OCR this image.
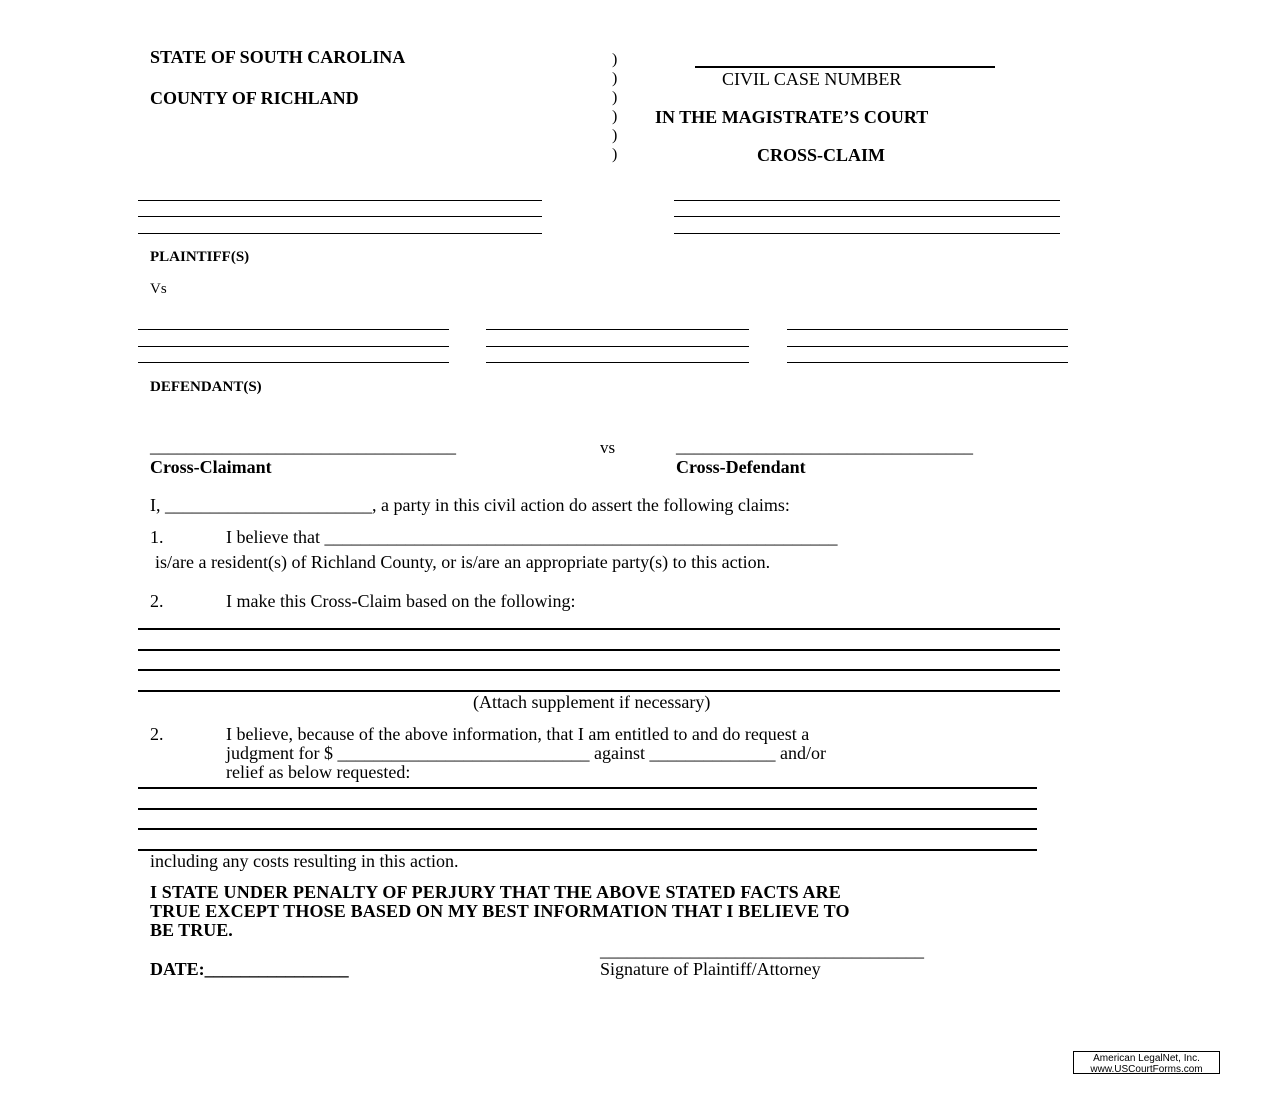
STATE OF SOUTH CAROLINA
COUNTY OF RICHLAND
)
)
)
)
)
)
CIVIL CASE NUMBER
IN THE MAGISTRATE’S COURT
CROSS-CLAIM
PLAINTIFF(S)
Vs
DEFENDANT(S)
__________________________________	vs	_________________________________
Cross-Claimant	Cross-Defendant
I, _______________________, a party in this civil action do assert the following claims:
1.	I believe that _________________________________________________________
is/are a resident(s) of Richland County, or is/are an appropriate party(s) to this action.
2.	I make this Cross-Claim based on the following:
(Attach supplement if necessary)
2.	I believe, because of the above information, that I am entitled to and do request a
judgment for $ ____________________________ against ______________ and/or
relief as below requested:
including any costs resulting in this action.
I STATE UNDER PENALTY OF PERJURY THAT THE ABOVE STATED FACTS ARE
TRUE EXCEPT THOSE BASED ON MY BEST INFORMATION THAT I BELIEVE TO
BE TRUE.
____________________________________
DATE:________________	Signature of Plaintiff/Attorney
American LegalNet, Inc.
www.USCourtForms.com
